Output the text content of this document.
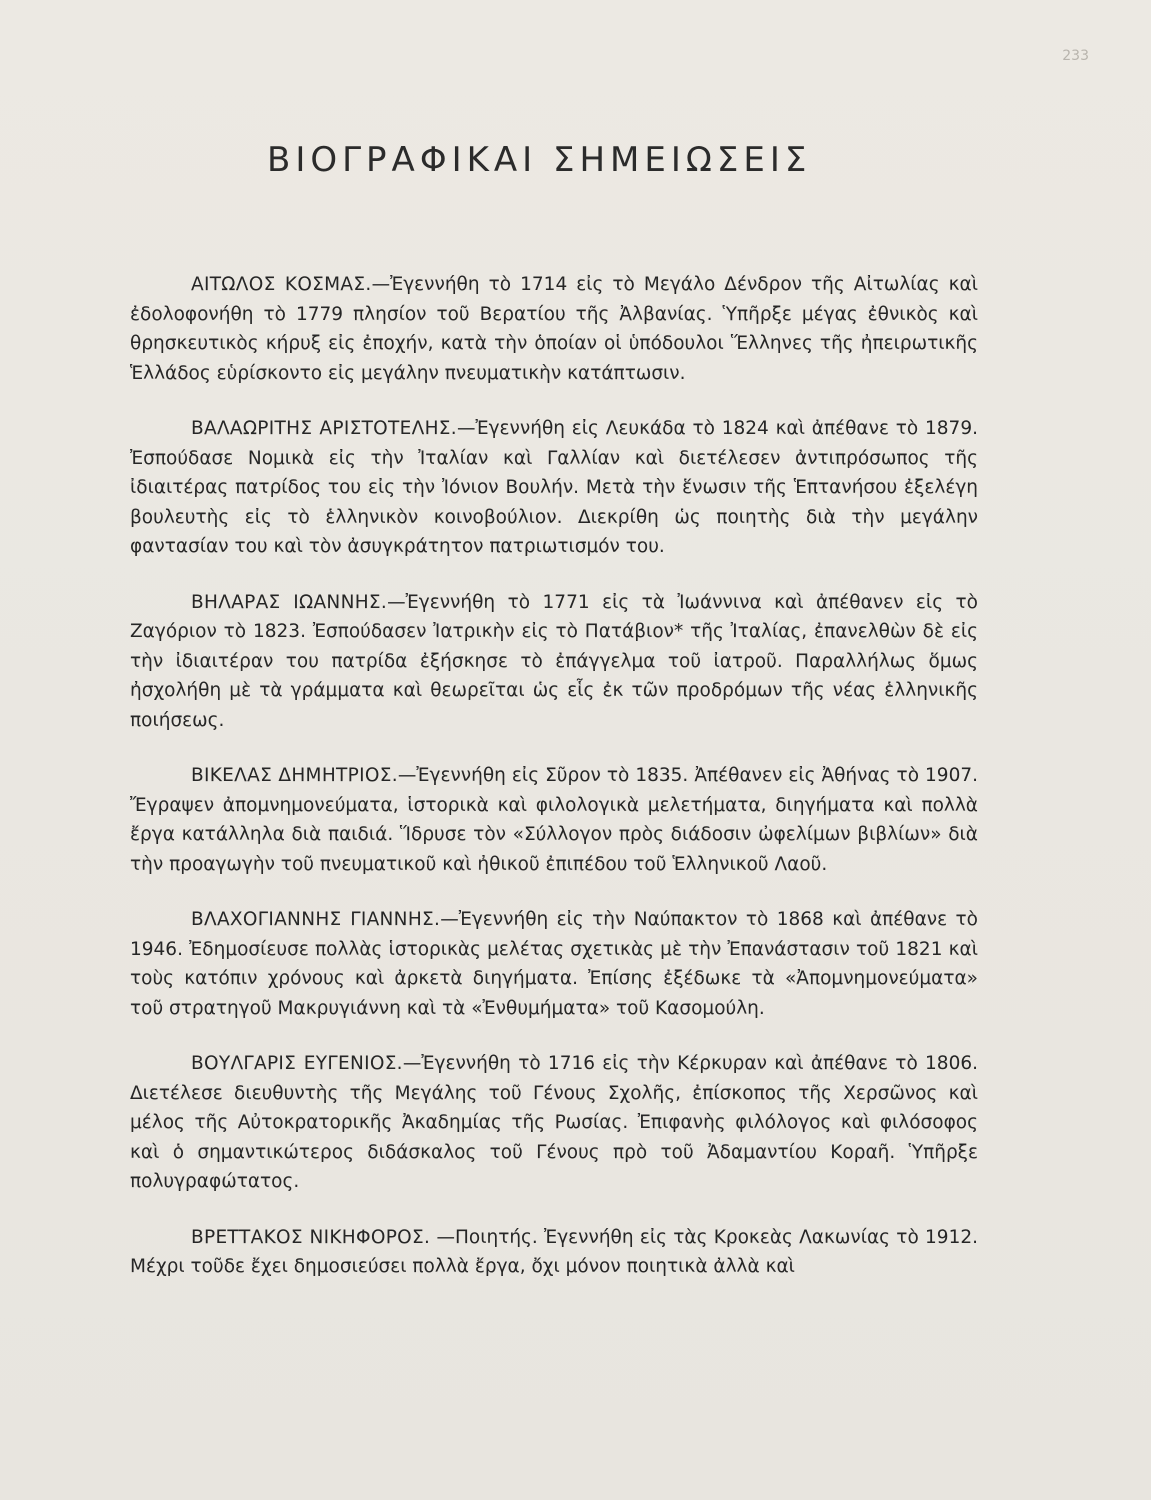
233
ΒΙΟΓΡΑΦΙΚΑΙ ΣΗΜΕΙΩΣΕΙΣ

ΑΙΤΩΛΟΣ ΚΟΣΜΑΣ.—Ἐγεννήθη τὸ 1714 εἰς τὸ Μεγάλο Δένδρον τῆς Αἰτωλίας καὶ ἐδολοφονήθη τὸ 1779 πλησίον τοῦ Βερατίου τῆς Ἀλβανίας. Ὑπῆρξε μέγας ἐθνικὸς καὶ θρησκευτικὸς κήρυξ εἰς ἐποχήν, κατὰ τὴν ὁποίαν οἱ ὑπόδουλοι Ἕλληνες τῆς ἠπειρωτικῆς Ἑλλάδος εὑρίσκοντο εἰς μεγάλην πνευματικὴν κατάπτωσιν.

ΒΑΛΑΩΡΙΤΗΣ ΑΡΙΣΤΟΤΕΛΗΣ.—Ἐγεννήθη εἰς Λευκάδα τὸ 1824 καὶ ἀπέθανε τὸ 1879. Ἐσπούδασε Νομικὰ εἰς τὴν Ἰταλίαν καὶ Γαλλίαν καὶ διετέλεσεν ἀντιπρόσωπος τῆς ἰδιαιτέρας πατρίδος του εἰς τὴν Ἰόνιον Βουλήν. Μετὰ τὴν ἕνωσιν τῆς Ἑπτανήσου ἐξελέγη βουλευτὴς εἰς τὸ ἑλληνικὸν κοινοβούλιον. Διεκρίθη ὡς ποιητὴς διὰ τὴν μεγάλην φαντασίαν του καὶ τὸν ἀσυγκράτητον πατριωτισμόν του.

ΒΗΛΑΡΑΣ ΙΩΑΝΝΗΣ.—Ἐγεννήθη τὸ 1771 εἰς τὰ Ἰωάννινα καὶ ἀπέθανεν εἰς τὸ Ζαγόριον τὸ 1823. Ἐσπούδασεν Ἰατρικὴν εἰς τὸ Πατάβιον* τῆς Ἰταλίας, ἐπανελθὼν δὲ εἰς τὴν ἰδιαιτέραν του πατρίδα ἐξήσκησε τὸ ἐπάγγελμα τοῦ ἰατροῦ. Παραλλήλως ὅμως ἠσχολήθη μὲ τὰ γράμματα καὶ θεωρεῖται ὡς εἷς ἐκ τῶν προδρόμων τῆς νέας ἑλληνικῆς ποιήσεως.

ΒΙΚΕΛΑΣ ΔΗΜΗΤΡΙΟΣ.—Ἐγεννήθη εἰς Σῦρον τὸ 1835. Ἀπέθανεν εἰς Ἀθήνας τὸ 1907. Ἔγραψεν ἀπομνημονεύματα, ἱστορικὰ καὶ φιλολογικὰ μελετήματα, διηγήματα καὶ πολλὰ ἔργα κατάλληλα διὰ παιδιά. Ἵδρυσε τὸν «Σύλλογον πρὸς διάδοσιν ὠφελίμων βιβλίων» διὰ τὴν προαγωγὴν τοῦ πνευματικοῦ καὶ ἠθικοῦ ἐπιπέδου τοῦ Ἑλληνικοῦ Λαοῦ.

ΒΛΑΧΟΓΙΑΝΝΗΣ ΓΙΑΝΝΗΣ.—Ἐγεννήθη εἰς τὴν Ναύπακτον τὸ 1868 καὶ ἀπέθανε τὸ 1946. Ἐδημοσίευσε πολλὰς ἱστορικὰς μελέτας σχετικὰς μὲ τὴν Ἐπανάστασιν τοῦ 1821 καὶ τοὺς κατόπιν χρόνους καὶ ἀρκετὰ διηγήματα. Ἐπίσης ἐξέδωκε τὰ «Ἀπομνημονεύματα» τοῦ στρατηγοῦ Μακρυγιάννη καὶ τὰ «Ἐνθυμήματα» τοῦ Κασομούλη.

ΒΟΥΛΓΑΡΙΣ ΕΥΓΕΝΙΟΣ.—Ἐγεννήθη τὸ 1716 εἰς τὴν Κέρκυραν καὶ ἀπέθανε τὸ 1806. Διετέλεσε διευθυντὴς τῆς Μεγάλης τοῦ Γένους Σχολῆς, ἐπίσκοπος τῆς Χερσῶνος καὶ μέλος τῆς Αὐτοκρατορικῆς Ἀκαδημίας τῆς Ρωσίας. Ἐπιφανὴς φιλόλογος καὶ φιλόσοφος καὶ ὁ σημαντικώτερος διδάσκαλος τοῦ Γένους πρὸ τοῦ Ἀδαμαντίου Κοραῆ. Ὑπῆρξε πολυγραφώτατος.

ΒΡΕΤΤΑΚΟΣ ΝΙΚΗΦΟΡΟΣ. —Ποιητής. Ἐγεννήθη εἰς τὰς Κροκεὰς Λακωνίας τὸ 1912. Μέχρι τοῦδε ἔχει δημοσιεύσει πολλὰ ἔργα, ὄχι μόνον ποιητικὰ ἀλλὰ καὶ
